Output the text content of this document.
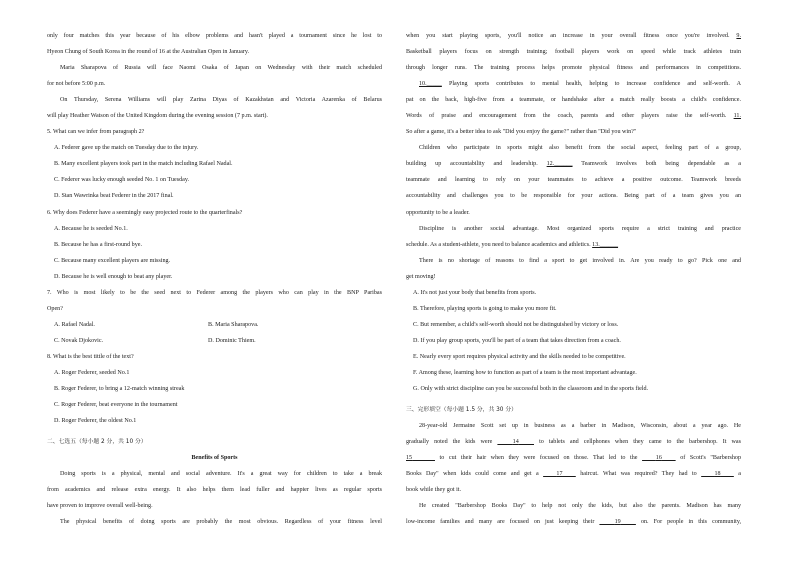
only four matches this year because of his elbow problems and hasn't played a tournament since he lost to
Hyeon Chung of South Korea in the round of 16 at the Australian Open in January.
Maria Sharapova of Russia will face Naomi Osaka of Japan on Wednesday with their match scheduled
for not before 5:00 p.m.
On Thursday, Serena Williams will play Zarina Diyas of Kazakhstan and Victoria Azarenka of Belarus
will play Heather Watson of the United Kingdom during the evening session (7 p.m. start).
5. What can we infer from paragraph 2?
A. Federer gave up the match on Tuesday due to the injury.
B. Many excellent players took part in the match including Rafael Nadal.
C. Federer was lucky enough seeded No. 1 on Tuesday.
D. Stan Wawrinka beat Federer in the 2017 final.
6. Why does Federer have a seemingly easy projected route to the quarterfinals?
A. Because he is seeded No.1.
B. Because he has a first-round bye.
C. Because many excellent players are missing.
D. Because he is well enough to beat any player.
7. Who is most likely to be the seed next to Federer among the players who can play in the BNP Paribas
Open?
A. Rafael Nadal.	B. Maria Sharapova.
C. Novak Djokovic.	D. Dominic Thiem.
8. What is the best tittle of the text?
A. Roger Federer, seeded No.1
B. Roger Federer, to bring a 12-match winning streak
C. Roger Federer, beat everyone in the tournament
D. Roger Federer, the oldest No.1
二、七选五（每小题 2 分，共 10 分）
Benefits of Sports
Doing sports is a physical, mental and social adventure. It's a great way for children to take a break
from academics and release extra energy. It also helps them lead fuller and happier lives as regular sports
have proven to improve overall well-being.
The physical benefits of doing sports are probably the most obvious. Regardless of your fitness level
when you start playing sports, you'll notice an increase in your overall fitness once you're involved. 9.
Basketball players focus on strength training; football players work on speed while track athletes train
through longer runs. The training process helps promote physical fitness and performances in competitions.
10._____ Playing sports contributes to mental health, helping to increase confidence and self-worth. A
pat on the back, high-five from a teammate, or handshake after a match really boosts a child's confidence.
Words of praise and encouragement from the coach, parents and other players raise the self-worth. 11.
So after a game, it's a better idea to ask "Did you enjoy the game?" rather than "Did you win?"
Children who participate in sports might also benefit from the social aspect, feeling part of a group,
building up accountability and leadership. 12.______ Teamwork involves both being dependable as a
teammate and learning to rely on your teammates to achieve a positive outcome. Teamwork breeds
accountability and challenges you to be responsible for your actions. Being part of a team gives you an
opportunity to be a leader.
Discipline is another social advantage. Most organized sports require a strict training and practice
schedule. As a student-athlete, you need to balance academics and athletics. 13.______
There is no shortage of reasons to find a sport to get involved in. Are you ready to go? Pick one and
get moving!
A. It's not just your body that benefits from sports.
B. Therefore, playing sports is going to make you more fit.
C. But remember, a child's self-worth should not be distinguished by victory or loss.
D. If you play group sports, you'll be part of a team that takes direction from a coach.
E. Nearly every sport requires physical activity and the skills needed to be competitive.
F. Among these, learning how to function as part of a team is the most important advantage.
G. Only with strict discipline can you be successful both in the classroom and in the sports field.
三、完形填空（每小题 1.5 分，共 30 分）
28-year-old Jermaine Scott set up in business as a barber in Madison, Wisconsin, about a year ago. He
gradually noted the kids were	14	to tablets and cellphones when they came to the barbershop. It was
15	to cut their hair when they were focused on those. That led to the	16	of Scott's "Barbershop
Books Day" when kids could come and get a	17	haircut. What was required? They had to	18	a
book while they got it.
He created "Barbershop Books Day" to help not only the kids, but also the parents. Madison has many
low-income families and many are focused on just keeping their	19	on. For people in this community,
